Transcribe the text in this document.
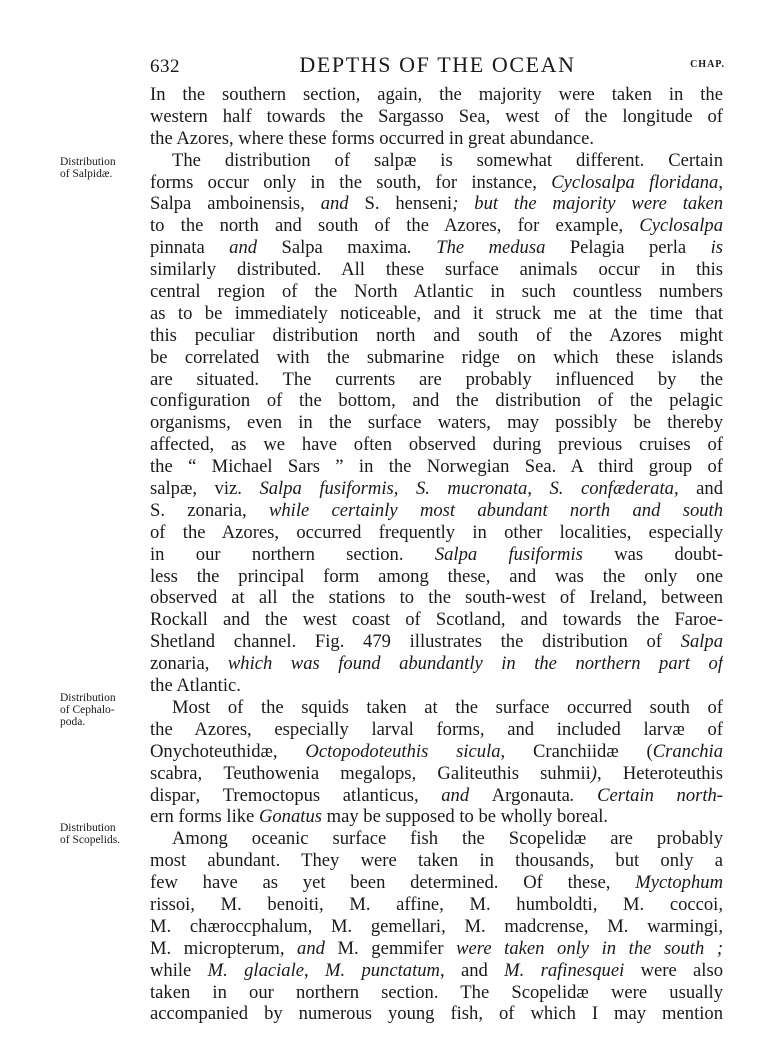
632	DEPTHS OF THE OCEAN	CHAP.
Distribution
of Salpidæ.
Distribution
of Cephalo-
poda.
Distribution
of Scopelids.
In the southern section, again, the majority were taken in the
western half towards the Sargasso Sea, west of the longitude of
the Azores, where these forms occurred in great abundance.
The distribution of salpæ is somewhat different. Certain
forms occur only in the south, for instance, Cyclosalpa floridana,
Salpa amboinensis, and S. henseni; but the majority were taken
to the north and south of the Azores, for example, Cyclosalpa
pinnata and Salpa maxima. The medusa Pelagia perla is
similarly distributed. All these surface animals occur in this
central region of the North Atlantic in such countless numbers
as to be immediately noticeable, and it struck me at the time that
this peculiar distribution north and south of the Azores might
be correlated with the submarine ridge on which these islands
are situated. The currents are probably influenced by the
configuration of the bottom, and the distribution of the pelagic
organisms, even in the surface waters, may possibly be thereby
affected, as we have often observed during previous cruises of
the “ Michael Sars ” in the Norwegian Sea. A third group of
salpæ, viz. Salpa fusiformis, S. mucronata, S. confæderata, and
S. zonaria, while certainly most abundant north and south
of the Azores, occurred frequently in other localities, especially
in our northern section. Salpa fusiformis was doubt-
less the principal form among these, and was the only one
observed at all the stations to the south-west of Ireland, between
Rockall and the west coast of Scotland, and towards the Faroe-
Shetland channel. Fig. 479 illustrates the distribution of Salpa
zonaria, which was found abundantly in the northern part of
the Atlantic.
Most of the squids taken at the surface occurred south of
the Azores, especially larval forms, and included larvæ of
Onychoteuthidæ, Octopodoteuthis sicula, Cranchiidæ (Cranchia
scabra, Teuthowenia megalops, Galiteuthis suhmii), Heteroteuthis
dispar, Tremoctopus atlanticus, and Argonauta. Certain north-
ern forms like Gonatus may be supposed to be wholly boreal.
Among oceanic surface fish the Scopelidæ are probably
most abundant. They were taken in thousands, but only a
few have as yet been determined. Of these, Myctophum
rissoi, M. benoiti, M. affine, M. humboldti, M. coccoi,
M. chæroccphalum, M. gemellari, M. madcrense, M. warmingi,
M. micropterum, and M. gemmifer were taken only in the south ;
while M. glaciale, M. punctatum, and M. rafinesquei were also
taken in our northern section. The Scopelidæ were usually
accompanied by numerous young fish, of which I may mention
